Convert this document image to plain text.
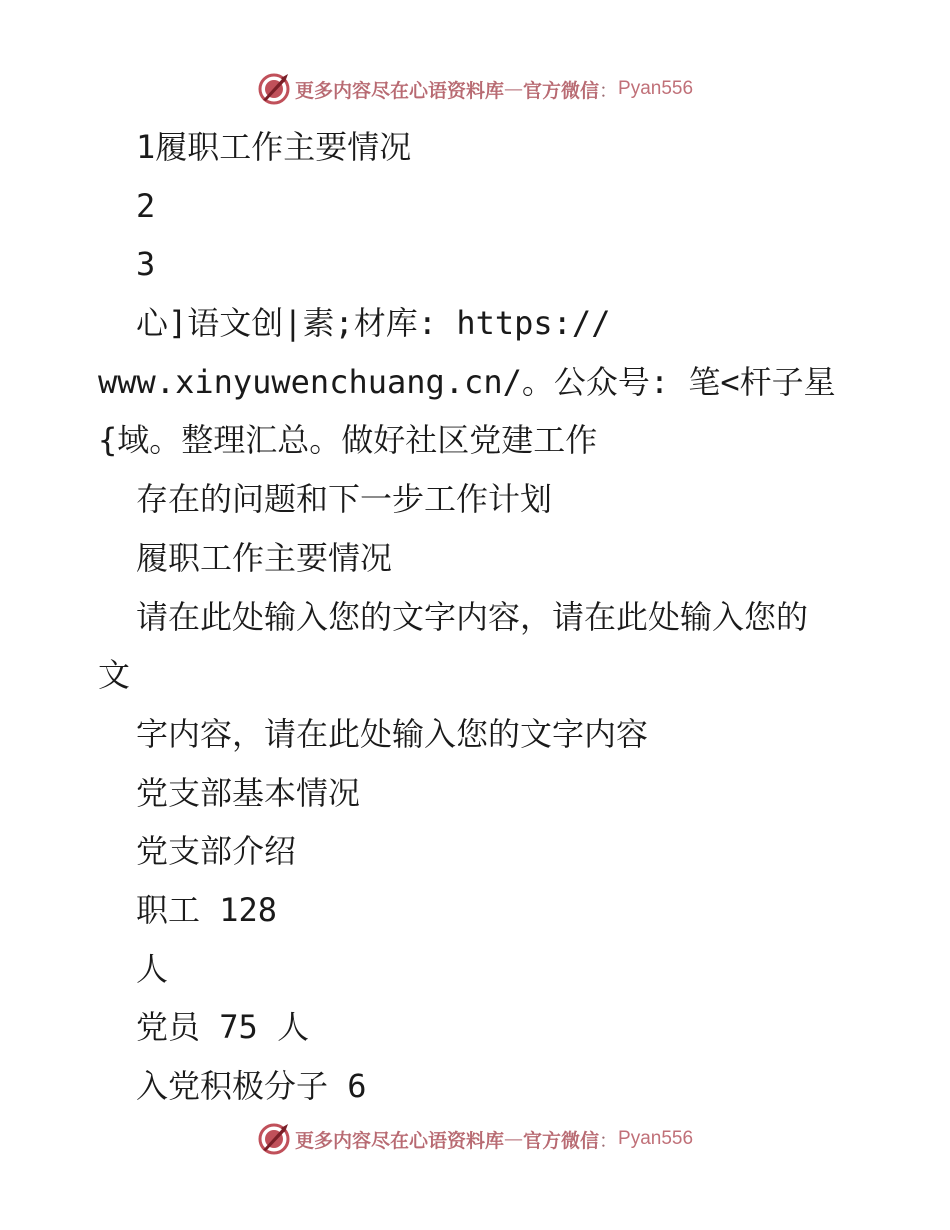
更多内容尽在心语资料库 — 官方微信 ： Pyan556
1履职工作主要情况
2
3
心]语文创|素;材库: https://
www.xinyuwenchuang.cn/。公众号: 笔<杆子星
{域。整理汇总。做好社区党建工作
存在的问题和下一步工作计划
履职工作主要情况
请在此处输入您的文字内容，请在此处输入您的
文
字内容，请在此处输入您的文字内容
党支部基本情况
党支部介绍
职工 128
人
党员 75 人
入党积极分子 6
更多内容尽在心语资料库 — 官方微信 ： Pyan556
